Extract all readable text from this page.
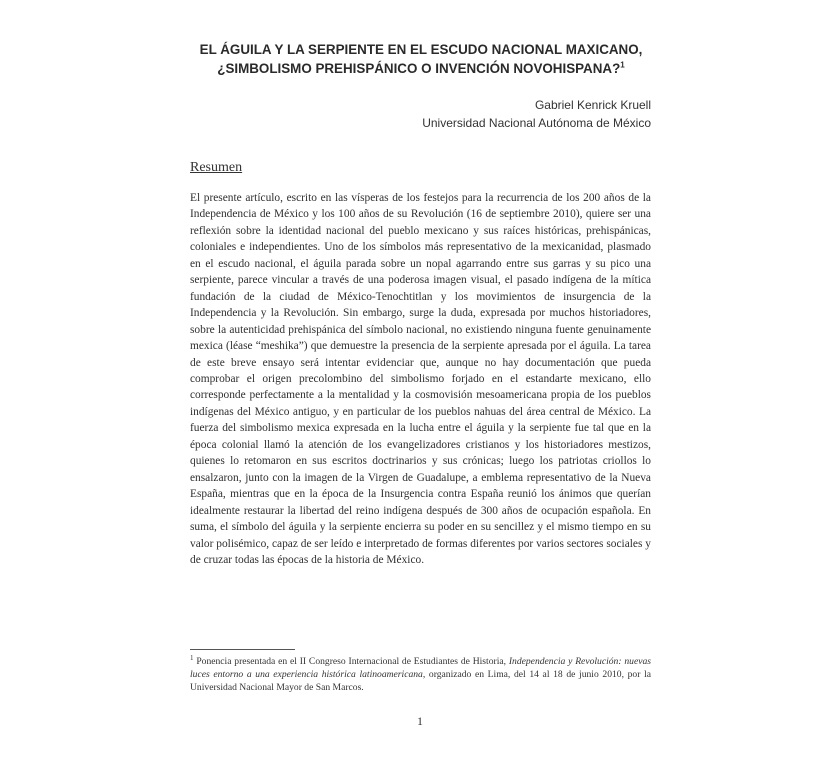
EL ÁGUILA Y LA SERPIENTE EN EL ESCUDO NACIONAL MAXICANO,
¿SIMBOLISMO PREHISPÁNICO O INVENCIÓN NOVOHISPANA?$^1$
Gabriel Kenrick Kruell
Universidad Nacional Autónoma de México
Resumen

El presente artículo, escrito en las vísperas de los festejos para la recurrencia de los 200 años de la Independencia de México y los 100 años de su Revolución (16 de septiembre 2010), quiere ser una reflexión sobre la identidad nacional del pueblo mexicano y sus raíces históricas, prehispánicas, coloniales e independientes. Uno de los símbolos más representativo de la mexicanidad, plasmado en el escudo nacional, el águila parada sobre un nopal agarrando entre sus garras y su pico una serpiente, parece vincular a través de una poderosa imagen visual, el pasado indígena de la mítica fundación de la ciudad de México-Tenochtitlan y los movimientos de insurgencia de la Independencia y la Revolución. Sin embargo, surge la duda, expresada por muchos historiadores, sobre la autenticidad prehispánica del símbolo nacional, no existiendo ninguna fuente genuinamente mexica (léase “meshika”) que demuestre la presencia de la serpiente apresada por el águila. La tarea de este breve ensayo será intentar evidenciar que, aunque no hay documentación que pueda comprobar el origen precolombino del simbolismo forjado en el estandarte mexicano, ello corresponde perfectamente a la mentalidad y la cosmovisión mesoamericana propia de los pueblos indígenas del México antiguo, y en particular de los pueblos nahuas del área central de México. La fuerza del simbolismo mexica expresada en la lucha entre el águila y la serpiente fue tal que en la época colonial llamó la atención de los evangelizadores cristianos y los historiadores mestizos, quienes lo retomaron en sus escritos doctrinarios y sus crónicas; luego los patriotas criollos lo ensalzaron, junto con la imagen de la Virgen de Guadalupe, a emblema representativo de la Nueva España, mientras que en la época de la Insurgencia contra España reunió los ánimos que querían idealmente restaurar la libertad del reino indígena después de 300 años de ocupación española. En suma, el símbolo del águila y la serpiente encierra su poder en su sencillez y el mismo tiempo en su valor polisémico, capaz de ser leído e interpretado de formas diferentes por varios sectores sociales y de cruzar todas las épocas de la historia de México.

$^1$ Ponencia presentada en el II Congreso Internacional de Estudiantes de Historia, Independencia y Revolución: nuevas luces entorno a una experiencia histórica latinoamericana, organizado en Lima, del 14 al 18 de junio 2010, por la Universidad Nacional Mayor de San Marcos.
1
